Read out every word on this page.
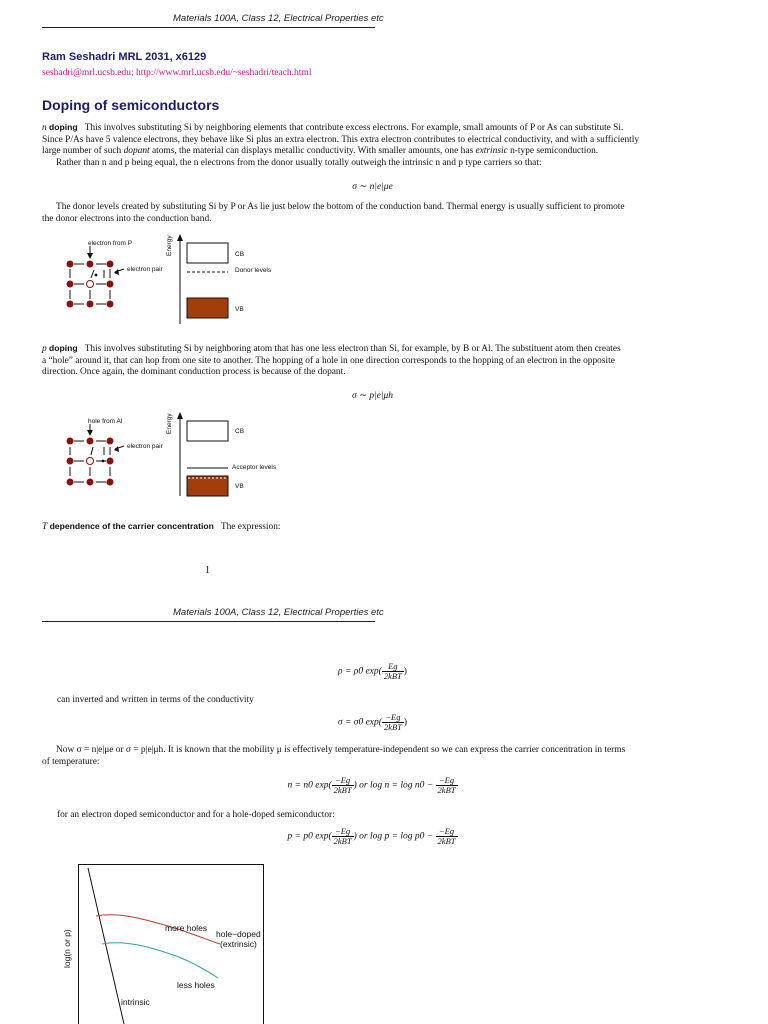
Materials 100A, Class 12, Electrical Properties etc
Ram Seshadri MRL 2031, x6129
seshadri@mrl.ucsb.edu; http://www.mrl.ucsb.edu/~seshadri/teach.html
Doping of semiconductors
n doping This involves substituting Si by neighboring elements that contribute excess electrons. For example, small amounts of P or As can substitute Si.
Since P/As have 5 valence electrons, they behave like Si plus an extra electron. This extra electron contributes to electrical conductivity, and with a sufficiently
large number of such dopant atoms, the material can displays metallic conductivity. With smaller amounts, one has extrinsic n-type semiconduction.
Rather than n and p being equal, the n electrons from the donor usually totally outweigh the intrinsic n and p type carriers so that:
σ ∼ n|e|μe
The donor levels created by substituting Si by P or As lie just below the bottom of the conduction band. Thermal energy is usually sufficient to promote
the donor electrons into the conduction band.
electron from P
electron pair
Energy	CB
Donor levels
VB
p doping This involves substituting Si by neighboring atom that has one less electron than Si, for example, by B or Al. The substituent atom then creates
a “hole” around it, that can hop from one site to another. The hopping of a hole in one direction corresponds to the hopping of an electron in the opposite
direction. Once again, the dominant conduction process is because of the dopant.
σ ∼ p|e|μh
hole from Al
electron pair
Energy	CB
Acceptor levels
VB
T dependence of the carrier concentration The expression:
1
Materials 100A, Class 12, Electrical Properties etc
ρ = ρ0 $\exp( \frac{Eg}{\text{2kBT}}$ )
can inverted and written in terms of the conductivity
σ = σ0 $\exp( \frac{-Eg}{\text{2kBT}}$ )
Now σ = n|e|μe or σ = p|e|μh. It is known that the mobility μ is effectively temperature-independent so we can express the carrier concentration in terms
of temperature:
n = n0 $\exp( \frac{-Eg}{\text{2kBT}}$ ) or $\log n = \log n0 - \frac{-Eg}{\text{2kBT}}$
for an electron doped semiconductor and for a hole-doped semiconductor:
p = p0 $\exp( \frac{-Eg}{\text{2kBT}}$ ) or $\log p = \log p0 - \frac{-Eg}{\text{2kBT}}$
log(n or p)
more holes
hole−doped
(extrinsic)
less holes
intrinsic
